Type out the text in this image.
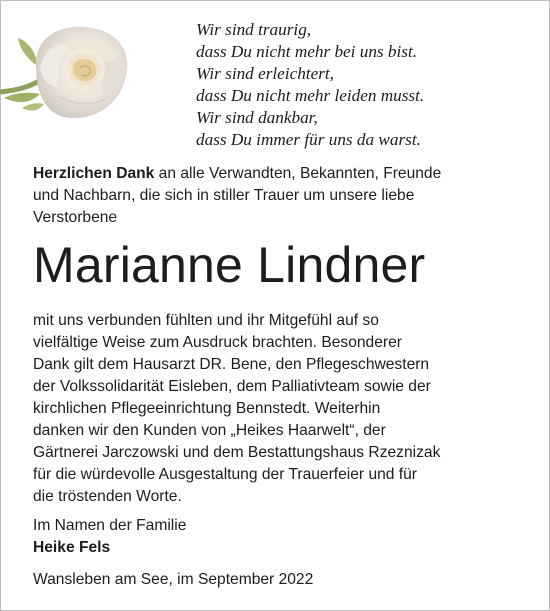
Wir sind traurig,
dass Du nicht mehr bei uns bist.
Wir sind erleichtert,
dass Du nicht mehr leiden musst.
Wir sind dankbar,
dass Du immer für uns da warst.
Herzlichen Dank an alle Verwandten, Bekannten, Freunde
und Nachbarn, die sich in stiller Trauer um unsere liebe
Verstorbene
Marianne Lindner
mit uns verbunden fühlten und ihr Mitgefühl auf so
vielfältige Weise zum Ausdruck brachten. Besonderer
Dank gilt dem Hausarzt DR. Bene, den Pflegeschwestern
der Volkssolidarität Eisleben, dem Palliativteam sowie der
kirchlichen Pflegeeinrichtung Bennstedt. Weiterhin
danken wir den Kunden von „Heikes Haarwelt“, der
Gärtnerei Jarczowski und dem Bestattungshaus Rzeznizak
für die würdevolle Ausgestaltung der Trauerfeier und für
die tröstenden Worte.
Im Namen der Familie
Heike Fels
Wansleben am See, im September 2022
